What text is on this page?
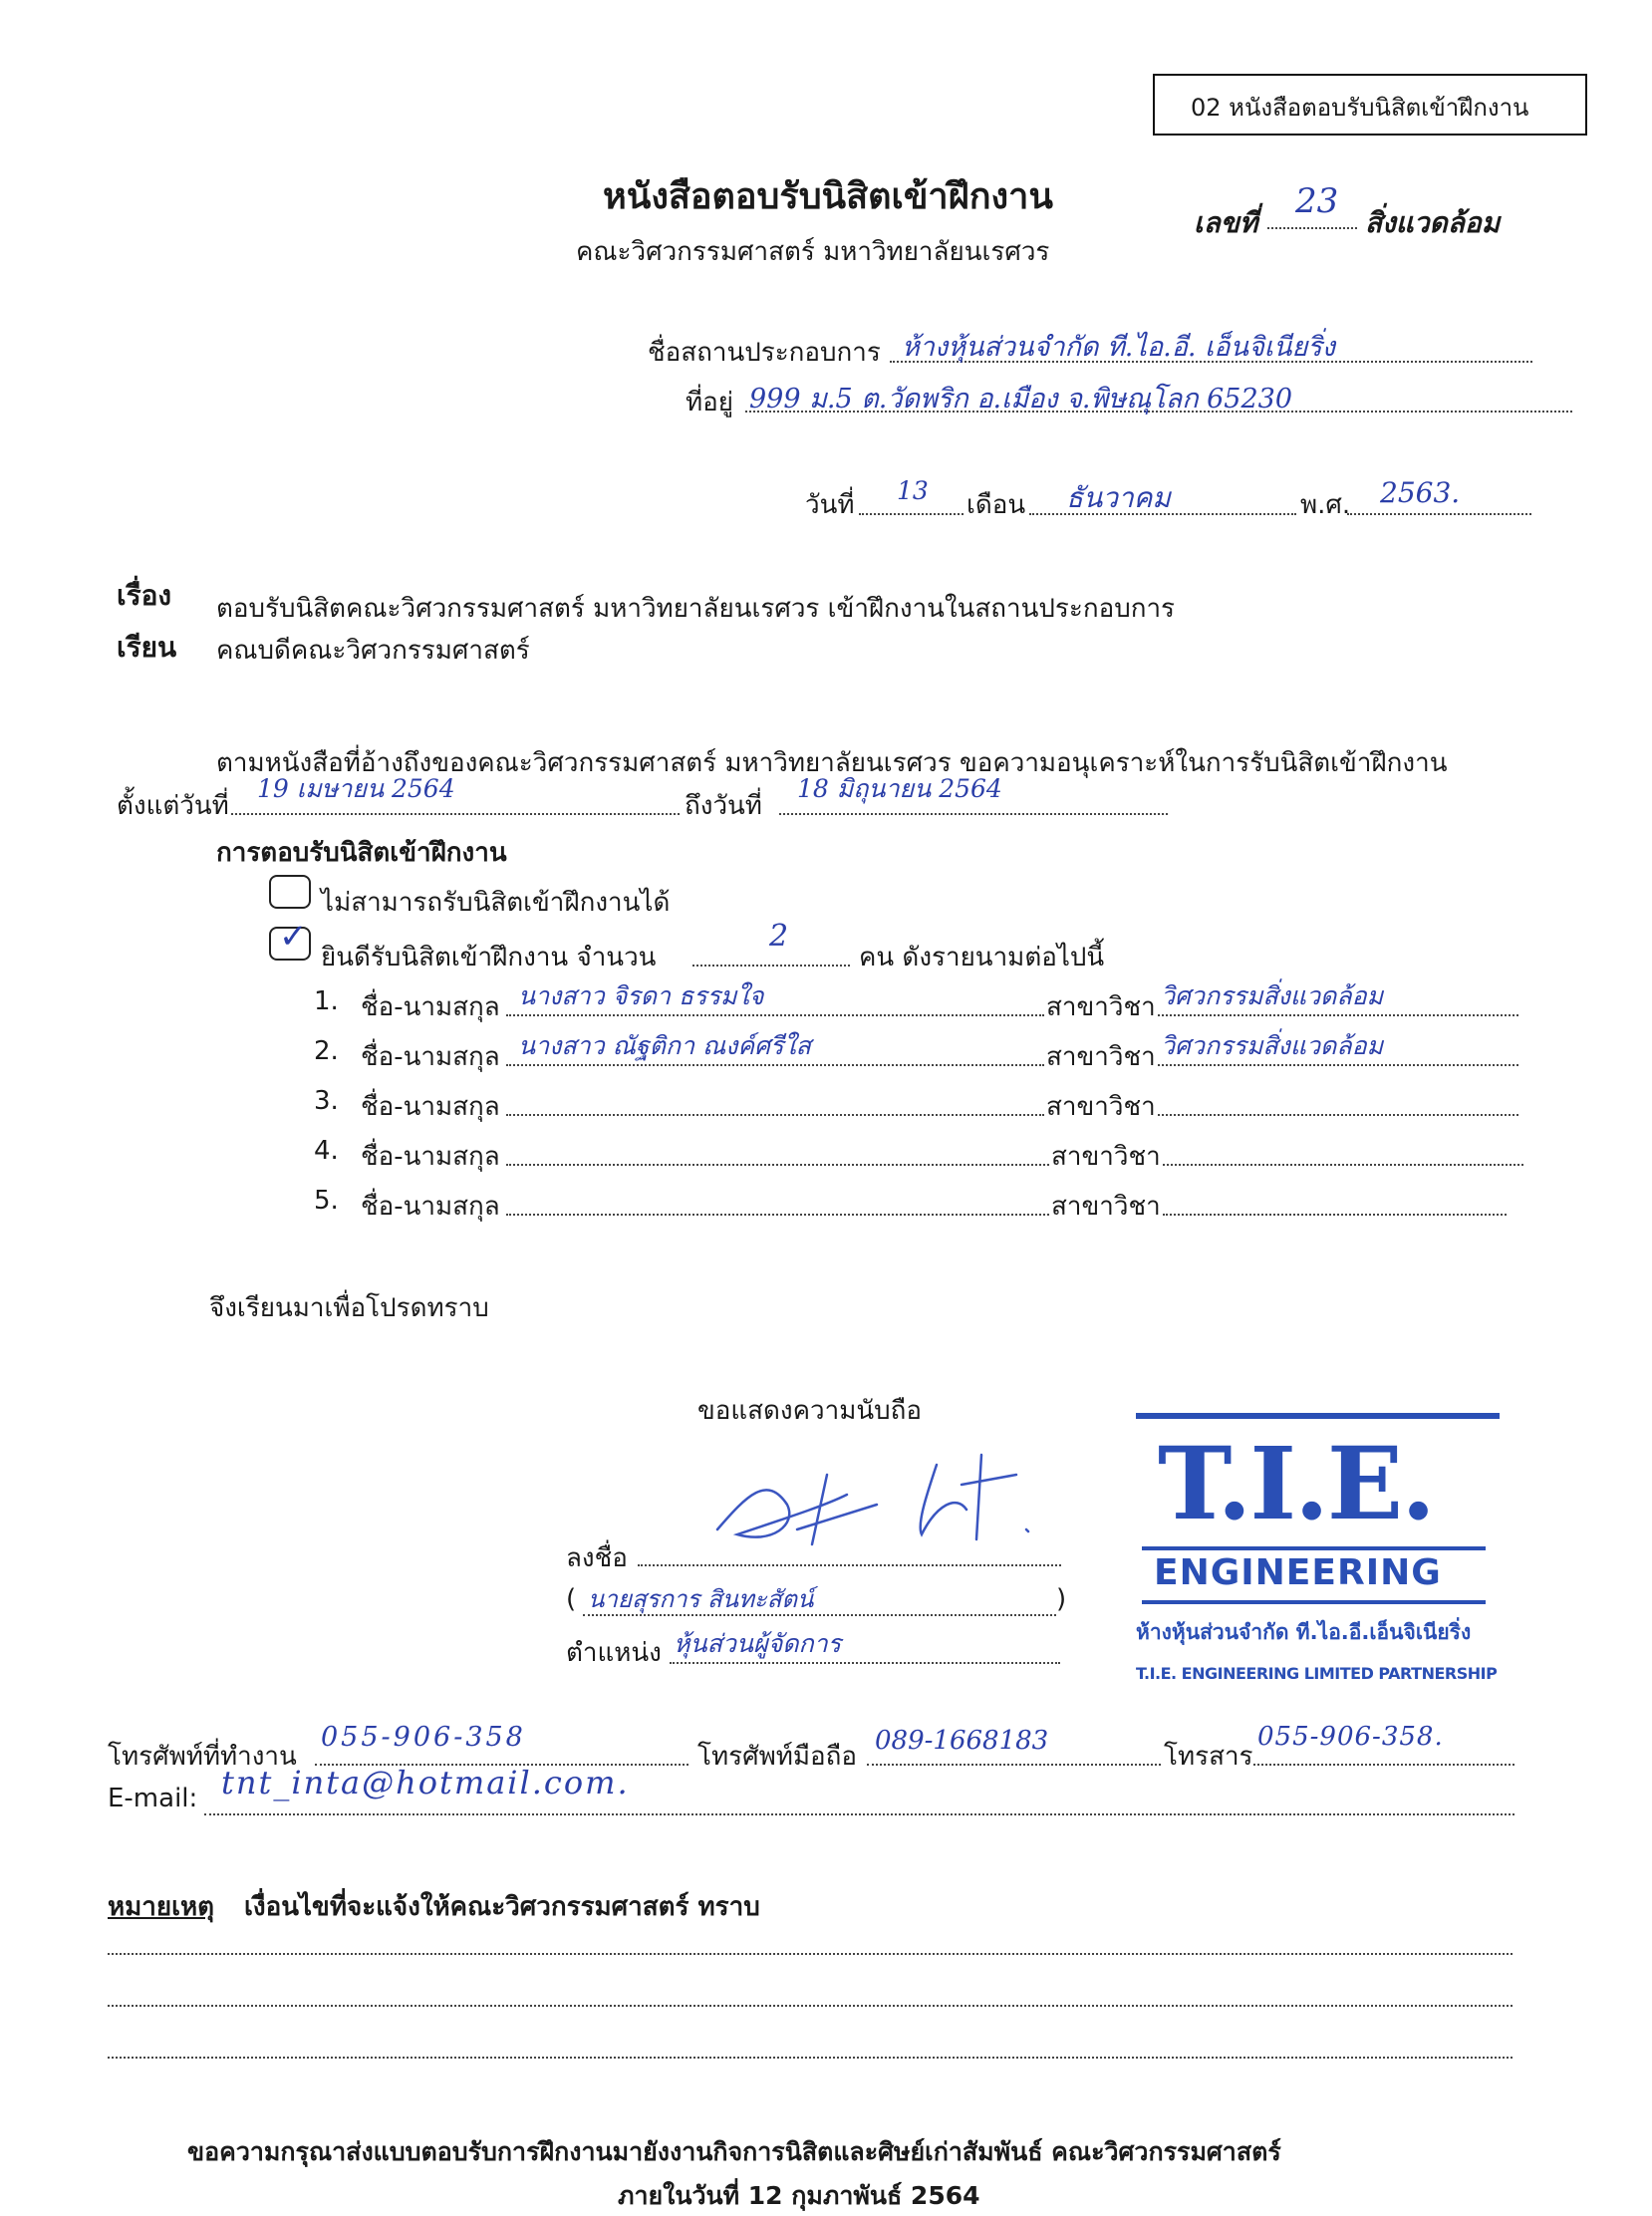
02 หนังสือตอบรับนิสิตเข้าฝึกงาน
หนังสือตอบรับนิสิตเข้าฝึกงาน
คณะวิศวกรรมศาสตร์ มหาวิทยาลัยนเรศวร
เลขที่
23
สิ่งแวดล้อม
ชื่อสถานประกอบการ ห้างหุ้นส่วนจำกัด ที.ไอ.อี. เอ็นจิเนียริ่ง
ที่อยู่ 999 ม.5 ต.วัดพริก อ.เมือง จ.พิษณุโลก 65230
วันที่ 13 เดือน ธันวาคม	พ.ศ. 2563.
เรื่อง ตอบรับนิสิตคณะวิศวกรรมศาสตร์ มหาวิทยาลัยนเรศวร เข้าฝึกงานในสถานประกอบการ
เรียน คณบดีคณะวิศวกรรมศาสตร์
ตามหนังสือที่อ้างถึงของคณะวิศวกรรมศาสตร์ มหาวิทยาลัยนเรศวร ขอความอนุเคราะห์ในการรับนิสิตเข้าฝึกงาน
ตั้งแต่วันที่
19 เมษายน 2564
ถึงวันที่
18 มิถุนายน 2564
การตอบรับนิสิตเข้าฝึกงาน
ไม่สามารถรับนิสิตเข้าฝึกงานได้
✓
ยินดีรับนิสิตเข้าฝึกงาน จำนวน
2
คน ดังรายนามต่อไปนี้
1. ชื่อ-นามสกุล นางสาว จิรดา ธรรมใจ	สาขาวิชา วิศวกรรมสิ่งแวดล้อม
2. ชื่อ-นามสกุล นางสาว ณัฐติกา ณงค์ศรีใส	สาขาวิชา วิศวกรรมสิ่งแวดล้อม
3. ชื่อ-นามสกุล	สาขาวิชา
4. ชื่อ-นามสกุล	สาขาวิชา
5. ชื่อ-นามสกุล	สาขาวิชา
จึงเรียนมาเพื่อโปรดทราบ
ขอแสดงความนับถือ
ลงชื่อ
( นายสุรการ สินทะสัตน์	)
ตำแหน่ง หุ้นส่วนผู้จัดการ
T.I.E.
ENGINEERING
ห้างหุ้นส่วนจำกัด ที.ไอ.อี.เอ็นจิเนียริ่ง
T.I.E. ENGINEERING LIMITED PARTNERSHIP
โทรศัพท์ที่ทำงาน
055-906-358
โทรศัพท์มือถือ
089-1668183
โทรสาร
055-906-358.
E-mail: tnt_inta@hotmail.com.
หมายเหตุ เงื่อนไขที่จะแจ้งให้คณะวิศวกรรมศาสตร์ ทราบ
ขอความกรุณาส่งแบบตอบรับการฝึกงานมายังงานกิจการนิสิตและศิษย์เก่าสัมพันธ์ คณะวิศวกรรมศาสตร์
ภายในวันที่ 12 กุมภาพันธ์ 2564
